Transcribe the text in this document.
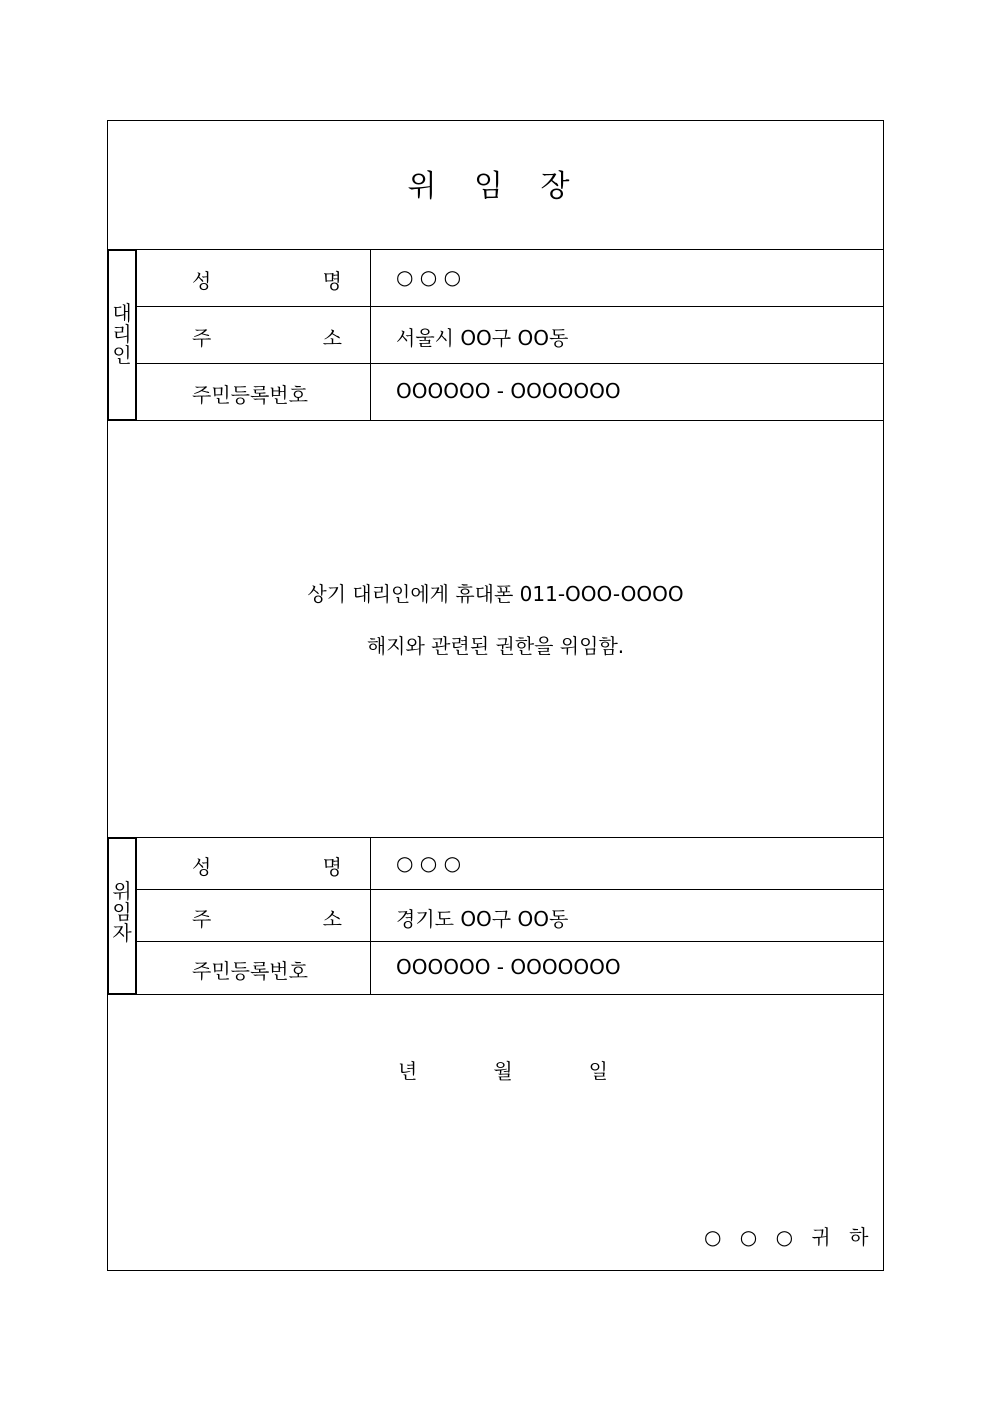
위 임 장
대
리
인
성	명	○ ○ ○
주	소	서울시 OO구 OO동
주민등록번호	OOOOOO - OOOOOOO
상기 대리인에게 휴대폰 011-OOO-OOOO
해지와 관련된 권한을 위임함.
위
임
자
성	명	○ ○ ○
주	소	경기도 OO구 OO동
주민등록번호	OOOOOO - OOOOOOO
년	월	일
○ ○ ○ 귀 하
